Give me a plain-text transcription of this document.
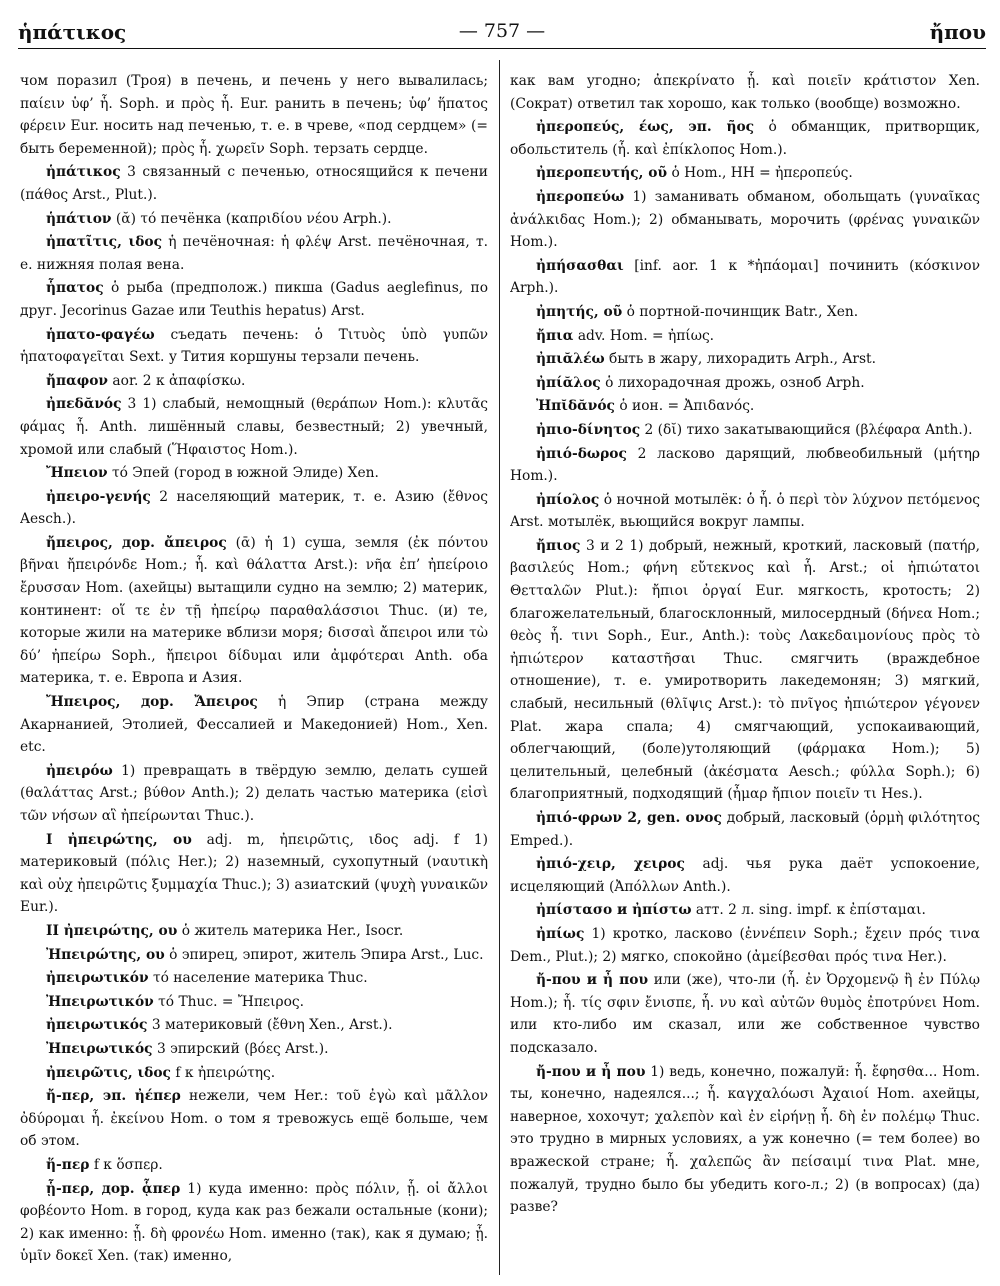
ἡπάτικος	— 757 —	ἤπου

чом поразил (Троя) в печень, и печень у него вывалилась; παίειν ὑφ’ ἧ. Soph. и πρὸς ἧ. Eur. ранить в печень; ὑφ’ ἥπατος φέρειν Eur. носить над печенью, т. е. в чреве, «под сердцем» (= быть беременной); πρὸς ἧ. χωρεῖν Soph. терзать сердце.

ἡπάτικος 3 связанный с печенью, относящийся к печени (πάθος Arst., Plut.).

ἡπάτιον (ᾰ) τό печёнка (καπριδίου νέου Arph.).

ἡπατῖτις, ιδος ἡ печёночная: ἡ φλέψ Arst. печёночная, т. е. нижняя полая вена.

ἧπατος ὁ рыба (предполож.) пикша (Gadus aeglefinus, по друг. Jecorinus Gazae или Teuthis hepatus) Arst.

ἡπατο-φαγέω съедать печень: ὁ Τιτυὸς ὑπὸ γυπῶν ἡπατοφαγεῖται Sext. у Тития коршуны терзали печень.

ἤπαφον aor. 2 к ἀπαφίσκω.

ἠπεδᾰνός 3 1) слабый, немощный (θεράπων Hom.): κλυτᾶς φάμας ἧ. Anth. лишённый славы, безвестный; 2) увечный, хромой или слабый (Ἥφαιστος Hom.).

Ἤπειον τό Эпей (город в южной Элиде) Xen.

ἠπειρο-γενής 2 населяющий материк, т. е. Азию (ἔθνος Aesch.).

ἤπειρος, дор. ἄπειρος (ᾱ) ἡ 1) суша, земля (ἐκ πόντου βῆναι ἤπειρόνδε Hom.; ἧ. καὶ θάλαττα Arst.): νῆα ἐπ’ ἠπείροιο ἔρυσσαν Hom. (ахейцы) вытащили судно на землю; 2) материк, континент: οἵ τε ἐν τῇ ἠπείρῳ παραθαλάσσιοι Thuc. (и) те, которые жили на материке вблизи моря; δισσαὶ ἄπειροι или τὼ δύ’ ἠπείρω Soph., ἤπειροι δίδυμαι или ἀμφότεραι Anth. оба материка, т. е. Европа и Азия.

Ἤπειρος, дор. Ἄπειρος ἡ Эпир (страна между Акарнанией, Этолией, Фессалией и Македонией) Hom., Xen. etc.

ἠπειρόω 1) превращать в твёрдую землю, делать сушей (θαλάττας Arst.; βύθον Anth.); 2) делать частью материка (εἰσὶ τῶν νήσων αἳ ἠπείρωνται Thuc.).

I ἠπειρώτης, ου adj. m, ἠπειρῶτις, ιδος adj. f 1) материковый (πόλις Her.); 2) наземный, сухопутный (ναυτικὴ καὶ οὐχ ἠπειρῶτις ξυμμαχία Thuc.); 3) азиатский (ψυχὴ γυναικῶν Eur.).

II ἠπειρώτης, ου ὁ житель материка Her., Isocr.

Ἠπειρώτης, ου ὁ эпирец, эпирот, житель Эпира Arst., Luc.

ἠπειρωτικόν τό население материка Thuc.

Ἠπειρωτικόν τό Thuc. = Ἤπειρος.

ἠπειρωτικός 3 материковый (ἔθνη Xen., Arst.).

Ἠπειρωτικός 3 эпирский (βόες Arst.).

ἠπειρῶτις, ιδος f к ἠπειρώτης.

ἤ-περ, эп. ἠέπερ нежели, чем Her.: τοῦ ἐγὼ καὶ μᾶλλον ὀδύρομαι ἧ. ἐκείνου Hom. о том я тревожусь ещё больше, чем об этом.

ἥ-περ f к ὅσπερ.

ᾗ-περ, дор. ᾇπερ 1) куда именно: πρὸς πόλιν, ᾗ. οἱ ἄλλοι φοβέοντο Hom. в город, куда как раз бежали остальные (кони); 2) как именно: ᾗ. δὴ φρονέω Hom. именно (так), как я думаю; ᾗ. ὑμῖν δοκεῖ Xen. (так) именно,

как вам угодно; ἀπεκρίνατο ᾗ. καὶ ποιεῖν κράτιστον Xen. (Сократ) ответил так хорошо, как только (вообще) возможно.

ἠπεροπεύς, έως, эп. ῆος ὁ обманщик, притворщик, обольститель (ἧ. καὶ ἐπίκλοπος Hom.).

ἠπεροπευτής, οῦ ὁ Hom., HH = ἠπεροπεύς.

ἠπεροπεύω 1) заманивать обманом, обольщать (γυναῖκας ἀνάλκιδας Hom.); 2) обманывать, морочить (φρένας γυναικῶν Hom.).

ἠπήσασθαι [inf. aor. 1 к *ἠπάομαι] починить (κόσκινον Arph.).

ἠπητής, οῦ ὁ портной-починщик Batr., Xen.

ἤπια adv. Hom. = ἠπίως.

ἠπιᾰλέω быть в жару, лихорадить Arph., Arst.

ἠπίᾰλος ὁ лихорадочная дрожь, озноб Arph.

Ἠπῐδᾰνός ὁ ион. = Ἀπιδανός.

ἠπιο-δίνητος 2 (δῐ) тихо закатывающийся (βλέφαρα Anth.).

ἠπιό-δωρος 2 ласково дарящий, любвеобильный (μήτηρ Hom.).

ἠπίολος ὁ ночной мотылёк: ὁ ἧ. ὁ περὶ τὸν λύχνον πετόμενος Arst. мотылёк, вьющийся вокруг лампы.

ἤπιος 3 и 2 1) добрый, нежный, кроткий, ласковый (πατήρ, βασιλεύς Hom.; φήνη εὔτεκνος καὶ ἧ. Arst.; οἱ ἠπιώτατοι Θετταλῶν Plut.): ἤπιοι ὀργαί Eur. мягкость, кротость; 2) благожелательный, благосклонный, милосердный (δήνεα Hom.; θεὸς ἧ. τινι Soph., Eur., Anth.): τοὺς Λακεδαιμονίους πρὸς τὸ ἠπιώτερον καταστῆσαι Thuc. смягчить (враждебное отношение), т. е. умиротворить лакедемонян; 3) мягкий, слабый, несильный (θλῖψις Arst.): τὸ πνῖγος ἠπιώτερον γέγονεν Plat. жара спала; 4) смягчающий, успокаивающий, облегчающий, (боле)утоляющий (φάρμακα Hom.); 5) целительный, целебный (ἀκέσματα Aesch.; φύλλα Soph.); 6) благоприятный, подходящий (ἦμαρ ἤπιον ποιεῖν τι Hes.).

ἠπιό-φρων 2, gen. ονος добрый, ласковый (ὁρμὴ φιλότητος Emped.).

ἠπιό-χειρ, χειρος adj. чья рука даёт успокоение, исцеляющий (Ἀπόλλων Anth.).

ἠπίστασο и ἠπίστω атт. 2 л. sing. impf. к ἐπίσταμαι.

ἠπίως 1) кротко, ласково (ἐννέπειν Soph.; ἔχειν πρός τινα Dem., Plut.); 2) мягко, спокойно (ἀμείβεσθαι πρός τινα Her.).

ἤ-που и ἦ που или (же), что-ли (ἧ. ἐν Ὀρχομενῷ ἢ ἐν Πύλῳ Hom.); ἧ. τίς σφιν ἔνισπε, ἧ. νυ καὶ αὐτῶν θυμὸς ἐποτρύνει Hom. или кто-либо им сказал, или же собственное чувство подсказало.

ἤ-που и ἦ που 1) ведь, конечно, пожалуй: ἧ. ἔφησθα... Hom. ты, конечно, надеялся...; ἧ. καγχαλόωσι Ἀχαιοί Hom. ахейцы, наверное, хохочут; χαλεπὸν καὶ ἐν εἰρήνῃ ἧ. δὴ ἐν πολέμῳ Thuc. это трудно в мирных условиях, а уж конечно (= тем более) во вражеской стране; ἧ. χαλεπῶς ἂν πείσαιμί τινα Plat. мне, пожалуй, трудно было бы убедить кого-л.; 2) (в вопросах) (да) разве?
